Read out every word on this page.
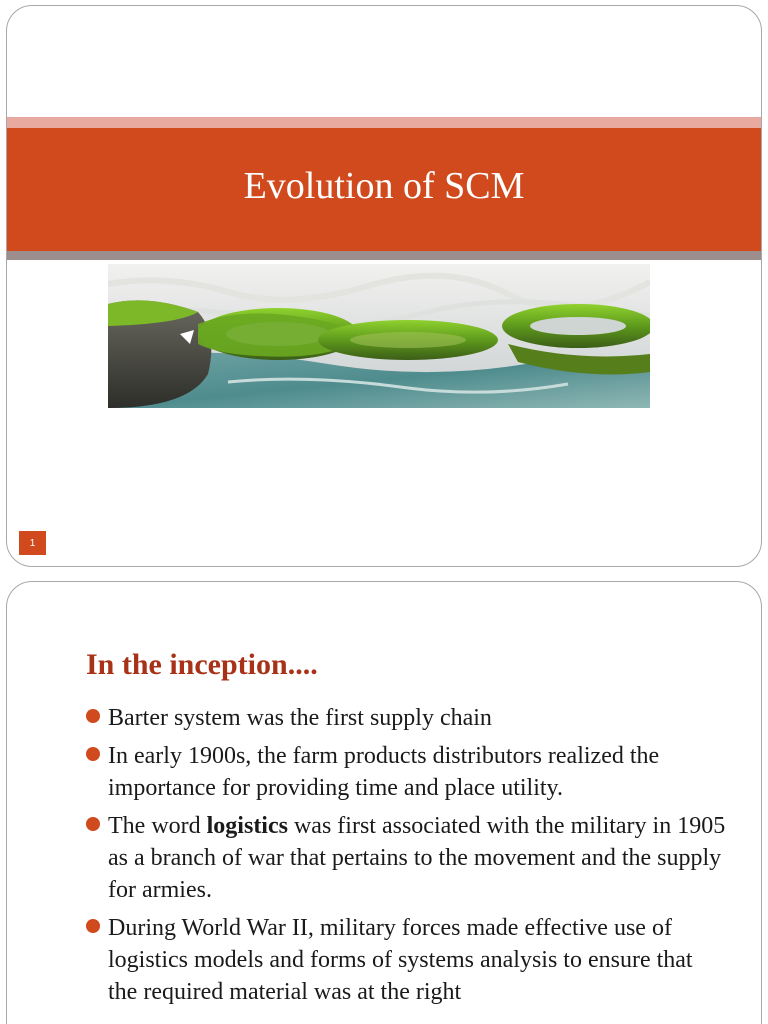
Evolution of SCM
1
In the inception....
Barter system was the first supply chain
In early 1900s, the farm products distributors realized the importance for providing time and place utility.
The word logistics was first associated with the military in 1905 as a branch of war that pertains to the movement and the supply for armies.
During World War II, military forces made effective use of logistics models and forms of systems analysis to ensure that the required material was at the right
